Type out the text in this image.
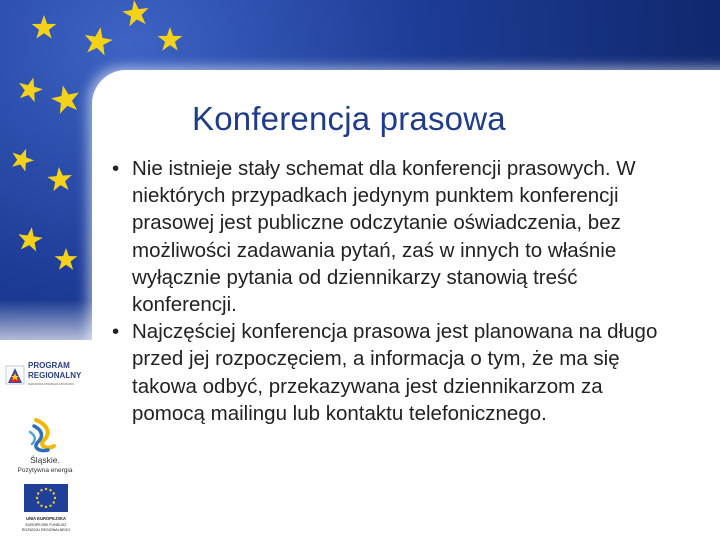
Konferencja prasowa
• Nie istnieje stały schemat dla konferencji prasowych. W niektórych przypadkach jedynym punktem konferencji prasowej jest publiczne odczytanie oświadczenia, bez możliwości zadawania pytań, zaś w innych to właśnie wyłącznie pytania od dziennikarzy stanowią treść konferencji.
• Najczęściej konferencja prasowa jest planowana na długo przed jej rozpoczęciem, a informacja o tym, że ma się takowa odbyć, przekazywana jest dziennikarzom za pomocą mailingu lub kontaktu telefonicznego.
PROGRAM
REGIONALNY
NARODOWA STRATEGIA SPÓJNOŚCI
Śląskie.
Pozytywna energia
UNIA EUROPEJSKA
EUROPEJSKI FUNDUSZ
ROZWOJU REGIONALNEGO
